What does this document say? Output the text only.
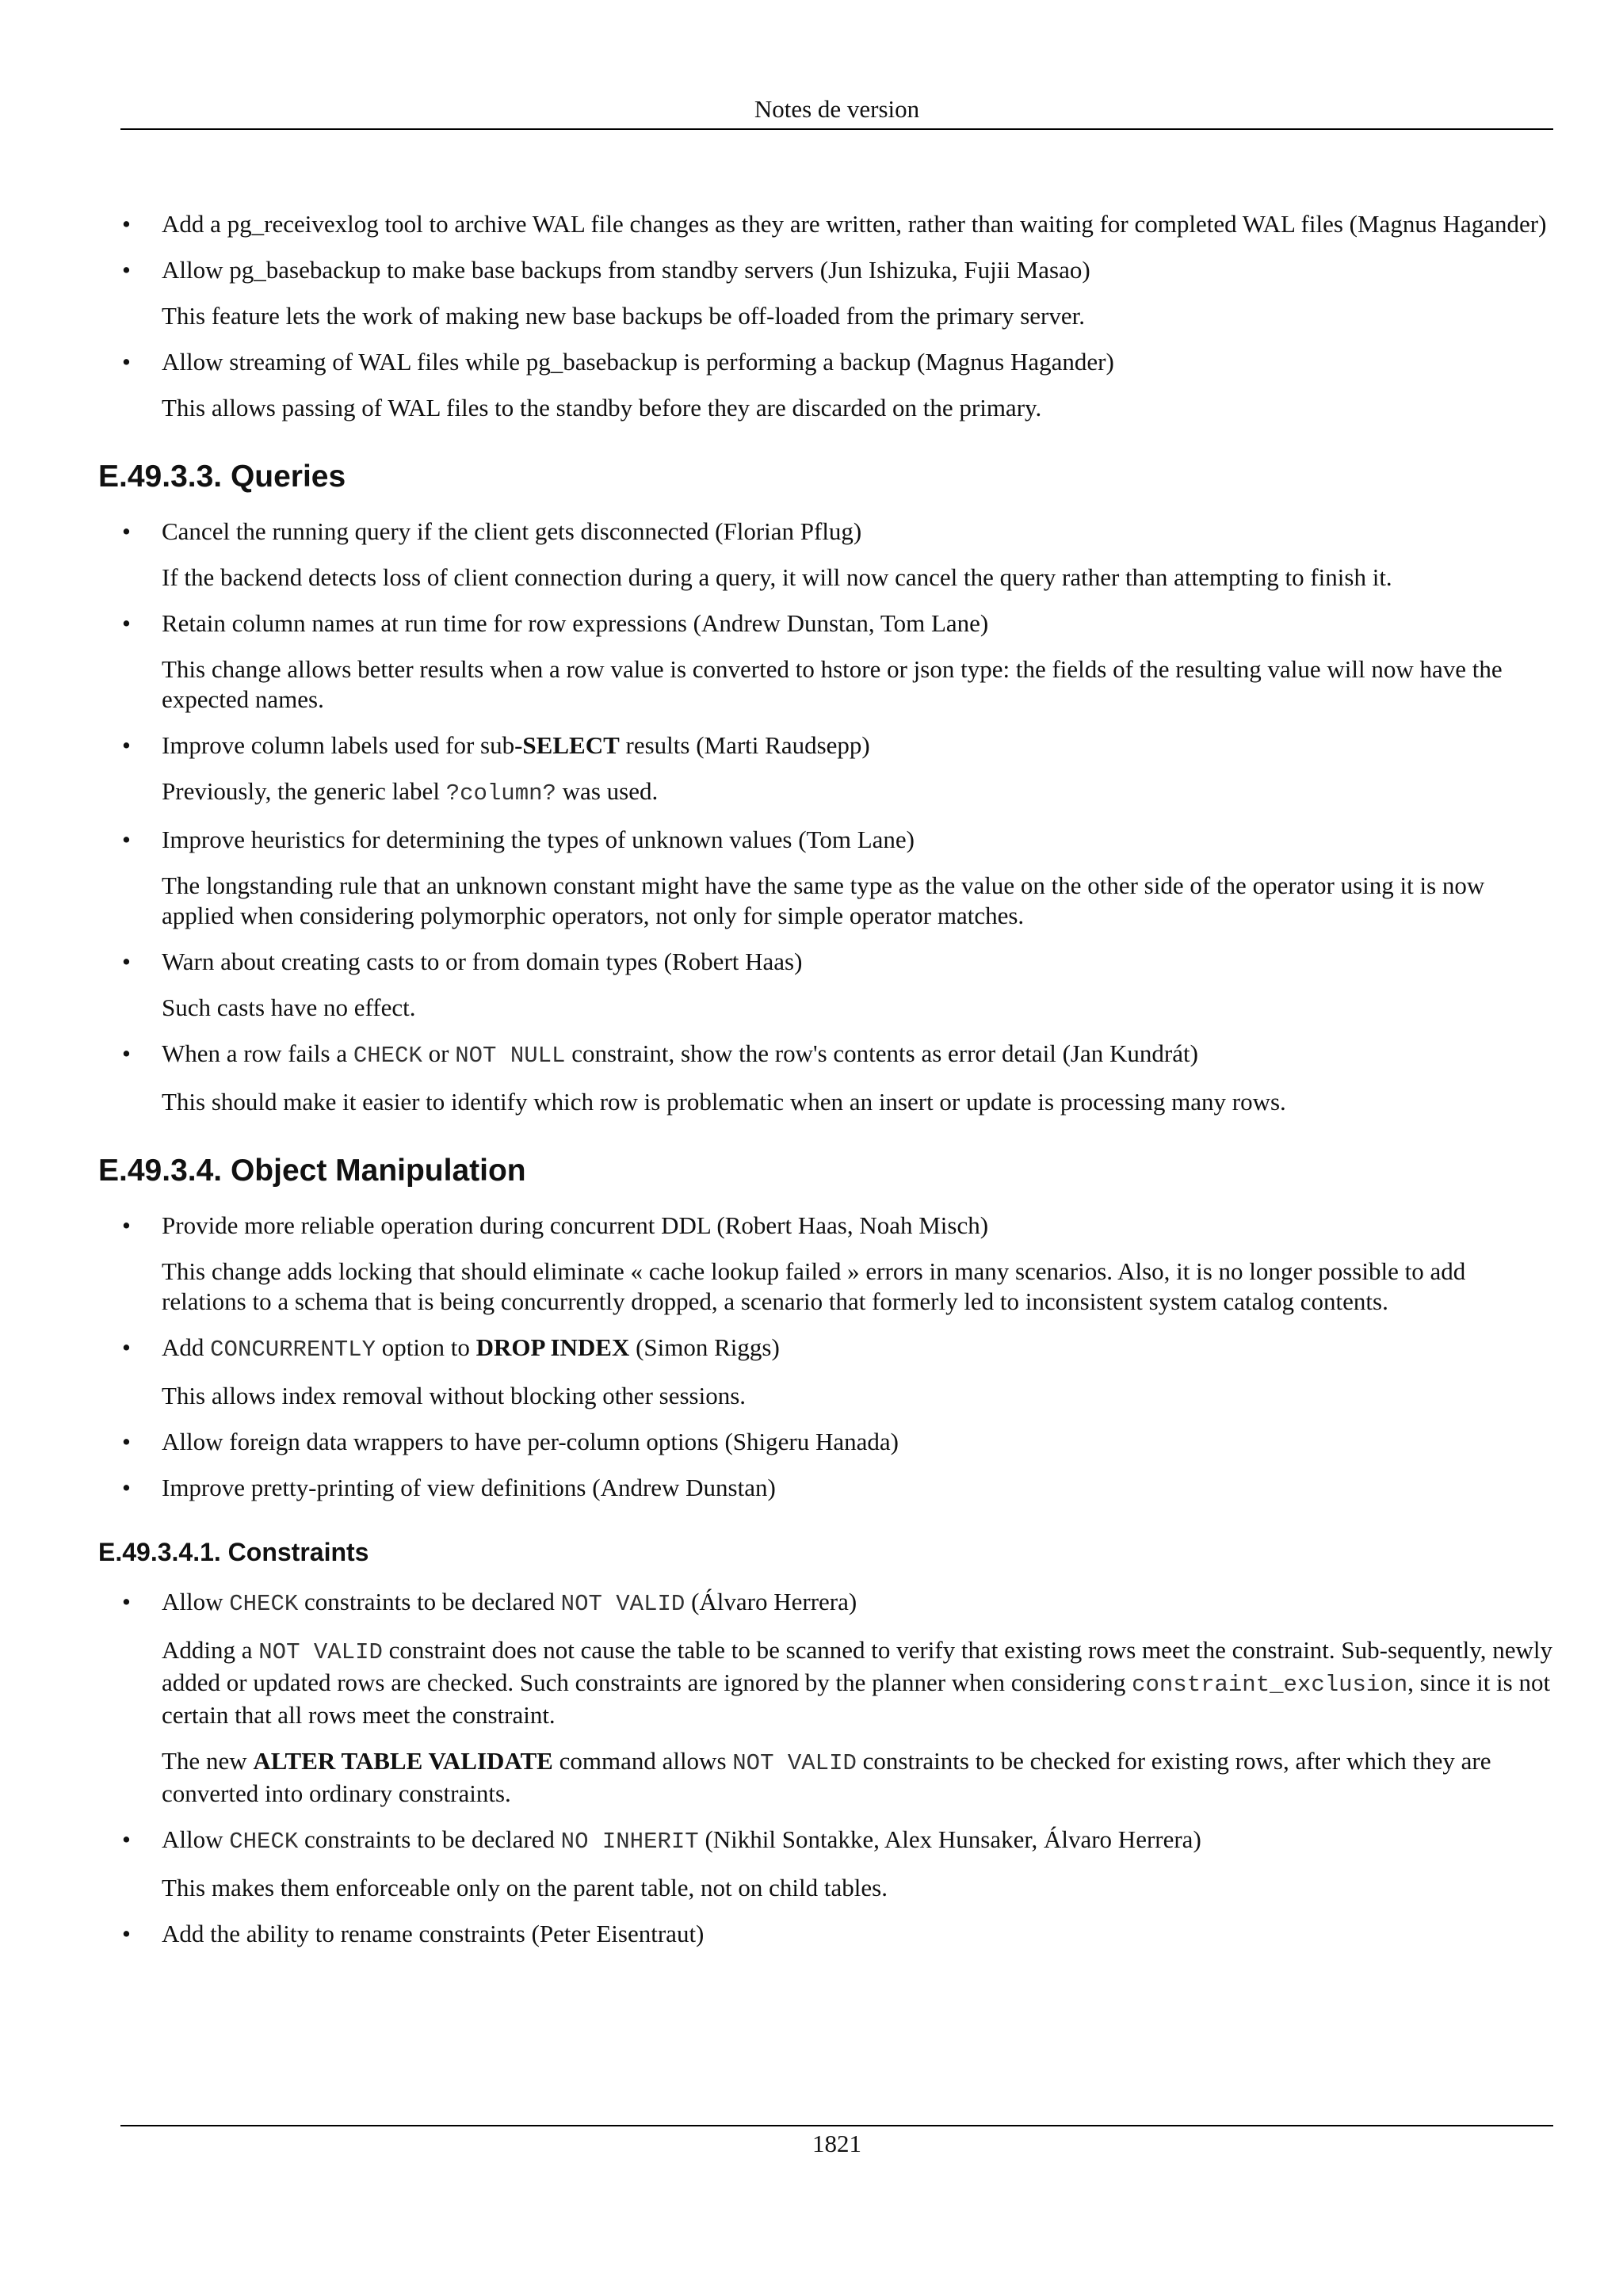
Notes de version
• Add a pg_receivexlog tool to archive WAL file changes as they are written, rather than waiting for completed WAL files (Magnus Hagander)
• Allow pg_basebackup to make base backups from standby servers (Jun Ishizuka, Fujii Masao)
This feature lets the work of making new base backups be off-loaded from the primary server.
• Allow streaming of WAL files while pg_basebackup is performing a backup (Magnus Hagander)
This allows passing of WAL files to the standby before they are discarded on the primary.
E.49.3.3. Queries
• Cancel the running query if the client gets disconnected (Florian Pflug)
If the backend detects loss of client connection during a query, it will now cancel the query rather than attempting to finish it.
• Retain column names at run time for row expressions (Andrew Dunstan, Tom Lane)
This change allows better results when a row value is converted to hstore or json type: the fields of the resulting value will now have the expected names.
• Improve column labels used for sub-SELECT results (Marti Raudsepp)
Previously, the generic label ?column? was used.
• Improve heuristics for determining the types of unknown values (Tom Lane)
The longstanding rule that an unknown constant might have the same type as the value on the other side of the operator using it is now applied when considering polymorphic operators, not only for simple operator matches.
• Warn about creating casts to or from domain types (Robert Haas)
Such casts have no effect.
• When a row fails a CHECK or NOT NULL constraint, show the row's contents as error detail (Jan Kundrát)
This should make it easier to identify which row is problematic when an insert or update is processing many rows.
E.49.3.4. Object Manipulation
• Provide more reliable operation during concurrent DDL (Robert Haas, Noah Misch)
This change adds locking that should eliminate « cache lookup failed » errors in many scenarios. Also, it is no longer possible to add relations to a schema that is being concurrently dropped, a scenario that formerly led to inconsistent system catalog contents.
• Add CONCURRENTLY option to DROP INDEX (Simon Riggs)
This allows index removal without blocking other sessions.
• Allow foreign data wrappers to have per-column options (Shigeru Hanada)
• Improve pretty-printing of view definitions (Andrew Dunstan)
E.49.3.4.1. Constraints
• Allow CHECK constraints to be declared NOT VALID (Álvaro Herrera)
Adding a NOT VALID constraint does not cause the table to be scanned to verify that existing rows meet the constraint. Sub-sequently, newly added or updated rows are checked. Such constraints are ignored by the planner when considering constraint_exclusion, since it is not certain that all rows meet the constraint.
The new ALTER TABLE VALIDATE command allows NOT VALID constraints to be checked for existing rows, after which they are converted into ordinary constraints.
• Allow CHECK constraints to be declared NO INHERIT (Nikhil Sontakke, Alex Hunsaker, Álvaro Herrera)
This makes them enforceable only on the parent table, not on child tables.
• Add the ability to rename constraints (Peter Eisentraut)
1821
